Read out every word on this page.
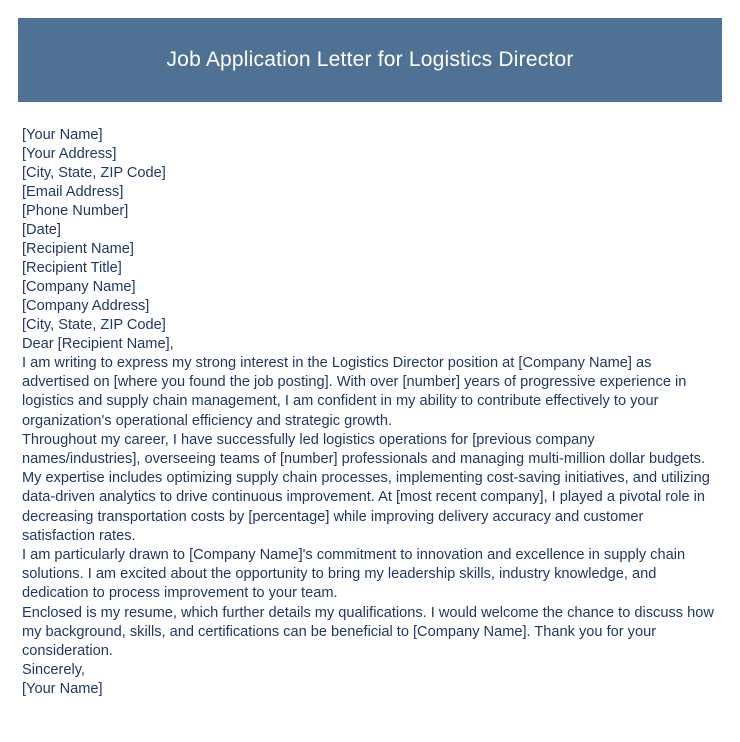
Job Application Letter for Logistics Director
[Your Name]
[Your Address]
[City, State, ZIP Code]
[Email Address]
[Phone Number]
[Date]
[Recipient Name]
[Recipient Title]
[Company Name]
[Company Address]
[City, State, ZIP Code]
Dear [Recipient Name],

I am writing to express my strong interest in the Logistics Director position at [Company Name] as advertised on [where you found the job posting]. With over [number] years of progressive experience in logistics and supply chain management, I am confident in my ability to contribute effectively to your organization's operational efficiency and strategic growth.

Throughout my career, I have successfully led logistics operations for [previous company names/industries], overseeing teams of [number] professionals and managing multi-million dollar budgets. My expertise includes optimizing supply chain processes, implementing cost-saving initiatives, and utilizing data-driven analytics to drive continuous improvement. At [most recent company], I played a pivotal role in decreasing transportation costs by [percentage] while improving delivery accuracy and customer satisfaction rates.

I am particularly drawn to [Company Name]'s commitment to innovation and excellence in supply chain solutions. I am excited about the opportunity to bring my leadership skills, industry knowledge, and dedication to process improvement to your team.

Enclosed is my resume, which further details my qualifications. I would welcome the chance to discuss how my background, skills, and certifications can be beneficial to [Company Name]. Thank you for your consideration.

Sincerely,
[Your Name]
